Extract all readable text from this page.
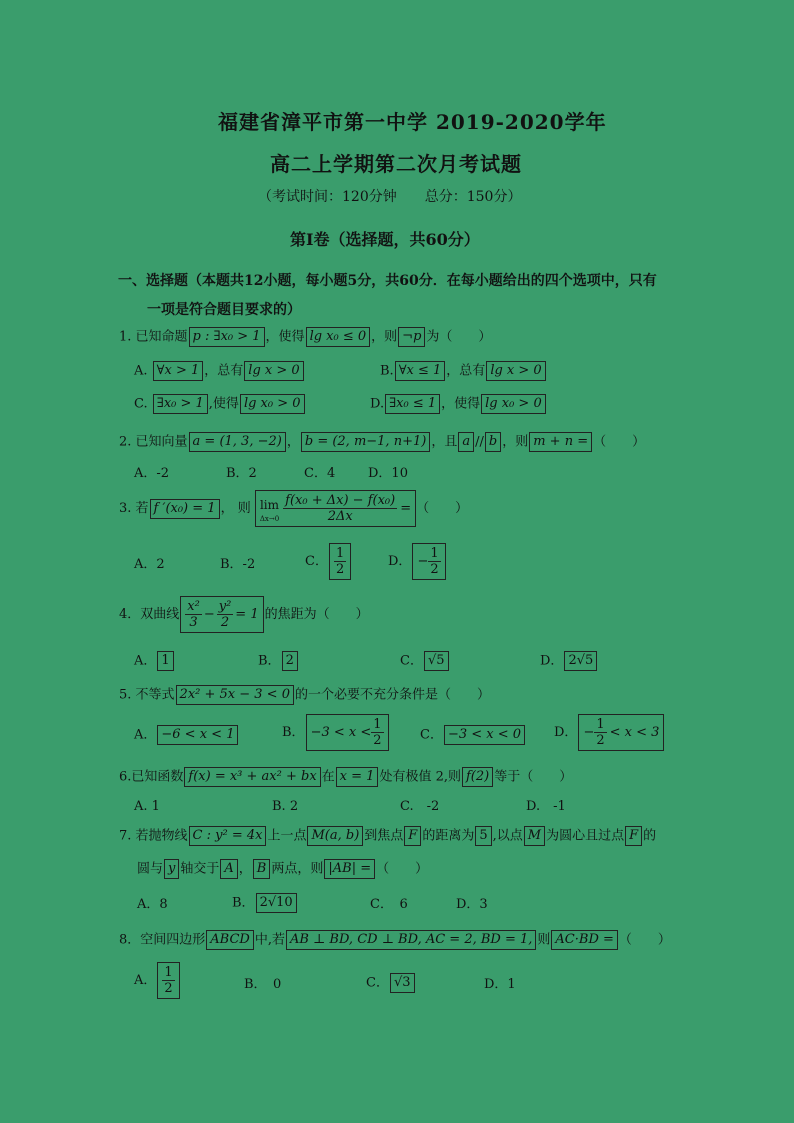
福建省漳平市第一中学 2019-2020学年
高二上学期第二次月考试题
（考试时间：120分钟　　总分：150分）
第Ⅰ卷（选择题，共60分）
一、选择题（本题共12小题，每小题5分，共60分．在每小题给出的四个选项中，只有
一项是符合题目要求的）
1. 已知命题 p : ∃x₀ > 1 ，使得 lg x₀ ≤ 0 ，则 ¬p 为（　　）
A. ∀x > 1 ，总有 lg x > 0	B. ∀x ≤ 1 ，总有 lg x > 0
C. ∃x₀ > 1 ,使得 lg x₀ > 0	D. ∃x₀ ≤ 1 ，使得 lg x₀ > 0
2. 已知向量 a = (1, 3, −2) ， b = (2, m−1, n+1) ，且 a // b ，则 m + n = （　　）
A．-2	B．2	C．4	D．10
3. 若 f ′(x₀) = 1 ， 则 lim
$\Delta x\to 0 \frac{\text{f(x₀ + Δx) − f(x₀)}}{2\Delta x}$ = （　　）
A．2	B．-2	C． $\frac{1}{2}$	D． − $\frac{1}{2}$
4．双曲线 $\frac{\text{x²}}{3} - \frac{\text{y²}}{2} = 1$ 的焦距为（　　）
A． 1	B． 2	C． √5	D． 2√5
5. 不等式 2x² + 5x − 3 < 0 的一个必要不充分条件是（　　）
A． −6 < x < 1	B． $-3 < x < \frac{1}{2}$	C． −3 < x < 0	D． − $\frac{1}{2} < x < 3$
6.已知函数 f(x) = x³ + ax² + bx 在 x = 1 处有极值 2,则 f(2) 等于（　　）
A. 1	B. 2	C.　-2	D.　-1
7. 若抛物线 C : y² = 4x 上一点 M(a, b) 到焦点 F 的距离为 5 ,以点 M 为圆心且过点 F 的
圆与 y 轴交于 A ， B 两点，则 |AB| = （　　）
A．8	B． 2√10	C．　6	D．3
8．空间四边形 ABCD 中,若 AB ⊥ BD, CD ⊥ BD, AC = 2, BD = 1, 则 AC·BD = （　　）
A． $\frac{1}{2}$	B．　0	C． √3	D．1
